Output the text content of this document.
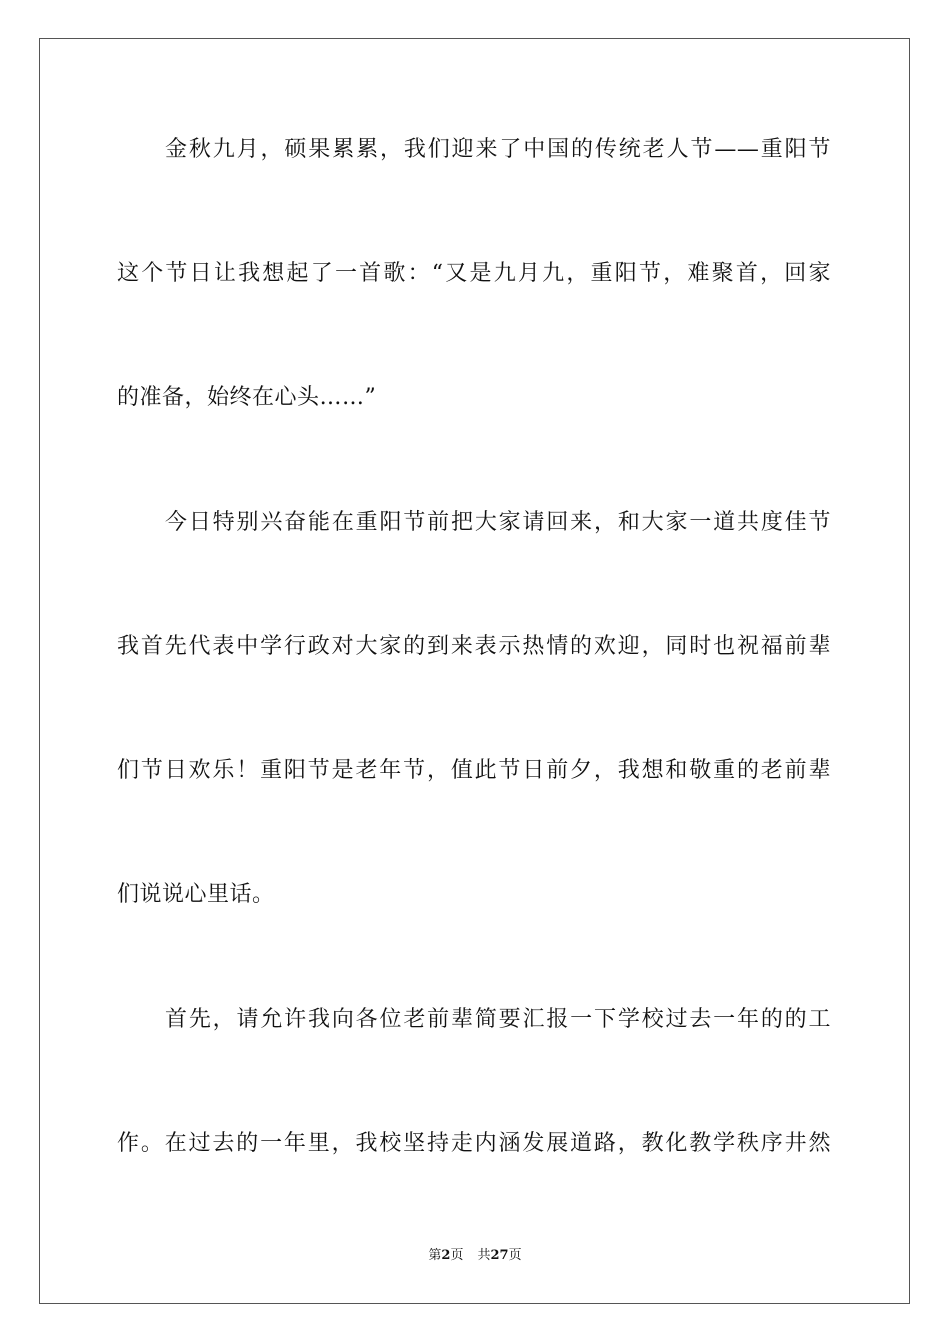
金秋九月，硕果累累，我们迎来了中国的传统老人节——重阳节
这个节日让我想起了一首歌：“又是九月九，重阳节，难聚首，回家
的准备，始终在心头……”
今日特别兴奋能在重阳节前把大家请回来，和大家一道共度佳节
我首先代表中学行政对大家的到来表示热情的欢迎，同时也祝福前辈
们节日欢乐！重阳节是老年节，值此节日前夕，我想和敬重的老前辈
们说说心里话。
首先，请允许我向各位老前辈简要汇报一下学校过去一年的的工
作。在过去的一年里，我校坚持走内涵发展道路，教化教学秩序井然
第2页 共27页
